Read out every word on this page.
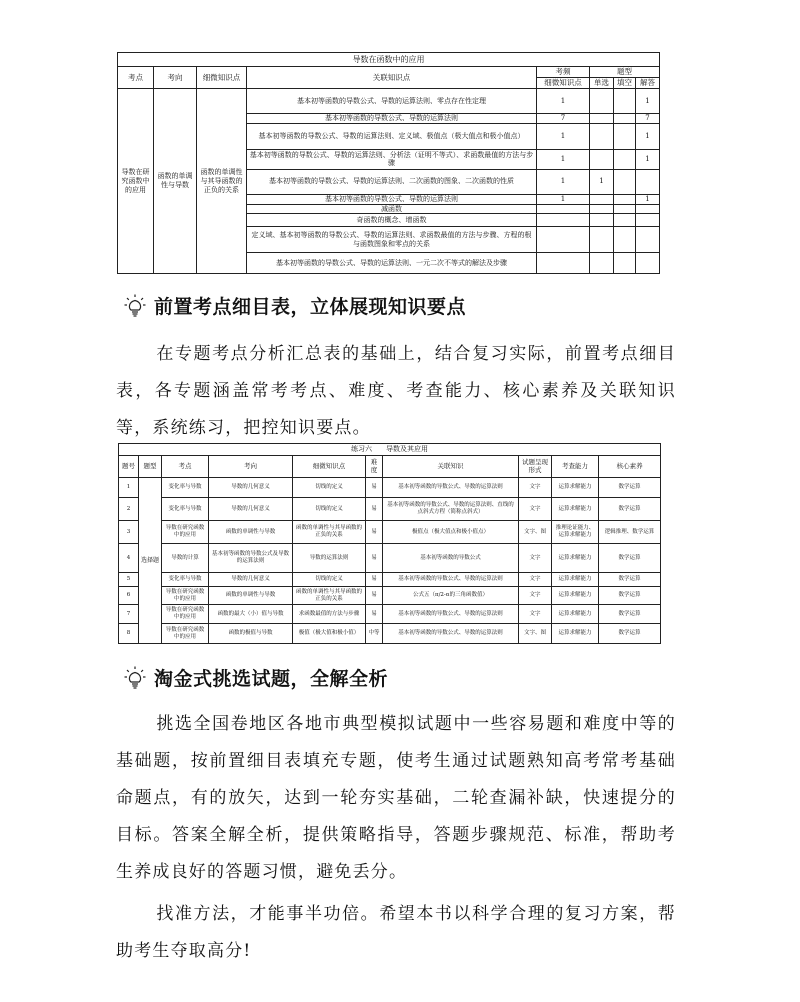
导数在函数中的应用							
考点	考向	细微知识点	关联知识点	考频	题型		
				细微知识点	单选	填空	解答
导数在研究函数中的应用	函数的单调性与导数	函数的单调性与其导函数的正负的关系	基本初等函数的导数公式、导数的运算法则、零点存在性定理	1			1
			基本初等函数的导数公式、导数的运算法则	7			7
			基本初等函数的导数公式、导数的运算法则、定义域、极值点（极大值点和极小值点）	1			1
			基本初等函数的导数公式、导数的运算法则、分析法（证明不等式）、求函数最值的方法与步骤	1			1
			基本初等函数的导数公式、导数的运算法则、二次函数的图象、二次函数的性质	1	1		
			基本初等函数的导数公式、导数的运算法则	1			1
			减函数				
			奇函数的概念、增函数				
			定义域、基本初等函数的导数公式、导数的运算法则、求函数最值的方法与步骤、方程的根与函数图象和零点的关系				
			基本初等函数的导数公式、导数的运算法则、一元二次不等式的解法及步骤				
前置考点细目表，立体展现知识要点

在专题考点分析汇总表的基础上，结合复习实际，前置考点细目表，各专题涵盖常考考点、难度、考查能力、核心素养及关联知识等，系统练习，把控知识要点。

练习六　　导数及其应用									
题号	题型	考点	考向	细微知识点	难度	关联知识	试题呈现形式	考查能力	核心素养
1	选择题	变化率与导数	导数的几何意义	切线的定义	易	基本初等函数的导数公式、导数的运算法则	文字	运算求解能力	数学运算
2		变化率与导数	导数的几何意义	切线的定义	易	基本初等函数的导数公式、导数的运算法则、直线的点斜式方程（简称点斜式）	文字	运算求解能力	数学运算
3		导数在研究函数中的应用	函数的单调性与导数	函数的单调性与其导函数的正负的关系	易	极值点（极大值点和极小值点）	文字、图	推理论证能力、运算求解能力	逻辑推理、数学运算
4		导数的计算	基本初等函数的导数公式及导数的运算法则	导数的运算法则	易	基本初等函数的导数公式	文字	运算求解能力	数学运算
5		变化率与导数	导数的几何意义	切线的定义	易	基本初等函数的导数公式、导数的运算法则	文字	运算求解能力	数学运算
6		导数在研究函数中的应用	函数的单调性与导数	函数的单调性与其导函数的正负的关系	易	公式五（π/2-α的三角函数值）	文字	运算求解能力	数学运算
7		导数在研究函数中的应用	函数的最大（小）值与导数	求函数最值的方法与步骤	易	基本初等函数的导数公式、导数的运算法则	文字	运算求解能力	数学运算
8		导数在研究函数中的应用	函数的极值与导数	极值（极大值和极小值）	中等	基本初等函数的导数公式、导数的运算法则	文字、图	运算求解能力	数学运算
淘金式挑选试题，全解全析

挑选全国卷地区各地市典型模拟试题中一些容易题和难度中等的基础题，按前置细目表填充专题，使考生通过试题熟知高考常考基础命题点，有的放矢，达到一轮夯实基础，二轮查漏补缺，快速提分的目标。答案全解全析，提供策略指导，答题步骤规范、标准，帮助考生养成良好的答题习惯，避免丢分。

找准方法，才能事半功倍。希望本书以科学合理的复习方案，帮助考生夺取高分!
